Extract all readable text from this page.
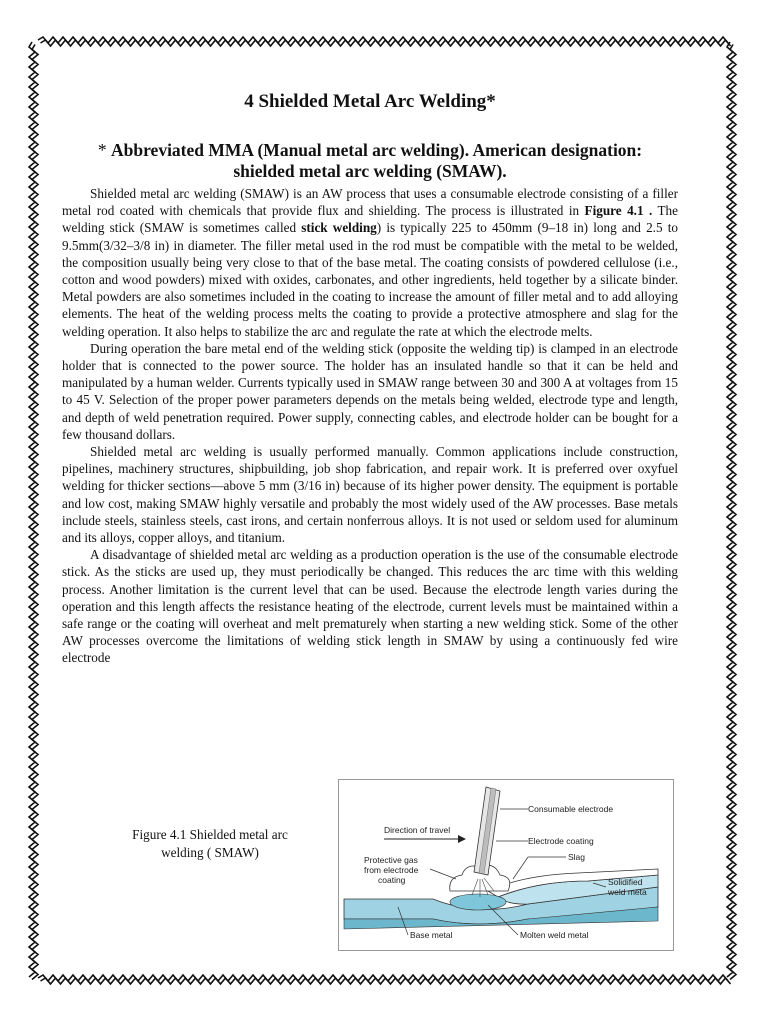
4 Shielded Metal Arc Welding*

* Abbreviated MMA (Manual metal arc welding). American designation:
shielded metal arc welding (SMAW).

Shielded metal arc welding (SMAW) is an AW process that uses a consumable electrode consisting of a filler metal rod coated with chemicals that provide flux and shielding. The process is illustrated in Figure 4.1 . The welding stick (SMAW is sometimes called stick welding) is typically 225 to 450mm (9–18 in) long and 2.5 to 9.5mm(3/32–3/8 in) in diameter. The filler metal used in the rod must be compatible with the metal to be welded, the composition usually being very close to that of the base metal. The coating consists of powdered cellulose (i.e., cotton and wood powders) mixed with oxides, carbonates, and other ingredients, held together by a silicate binder. Metal powders are also sometimes included in the coating to increase the amount of filler metal and to add alloying elements. The heat of the welding process melts the coating to provide a protective atmosphere and slag for the welding operation. It also helps to stabilize the arc and regulate the rate at which the electrode melts.

During operation the bare metal end of the welding stick (opposite the welding tip) is clamped in an electrode holder that is connected to the power source. The holder has an insulated handle so that it can be held and manipulated by a human welder. Currents typically used in SMAW range between 30 and 300 A at voltages from 15 to 45 V. Selection of the proper power parameters depends on the metals being welded, electrode type and length, and depth of weld penetration required. Power supply, connecting cables, and electrode holder can be bought for a few thousand dollars.

Shielded metal arc welding is usually performed manually. Common applications include construction, pipelines, machinery structures, shipbuilding, job shop fabrication, and repair work. It is preferred over oxyfuel welding for thicker sections—above 5 mm (3/16 in) because of its higher power density. The equipment is portable and low cost, making SMAW highly versatile and probably the most widely used of the AW processes. Base metals include steels, stainless steels, cast irons, and certain nonferrous alloys. It is not used or seldom used for aluminum and its alloys, copper alloys, and titanium.

A disadvantage of shielded metal arc welding as a production operation is the use of the consumable electrode stick. As the sticks are used up, they must periodically be changed. This reduces the arc time with this welding process. Another limitation is the current level that can be used. Because the electrode length varies during the operation and this length affects the resistance heating of the electrode, current levels must be maintained within a safe range or the coating will overheat and melt prematurely when starting a new welding stick. Some of the other AW processes overcome the limitations of welding stick length in SMAW by using a continuously fed wire electrode

Figure 4.1 Shielded metal arc
welding ( SMAW)
Consumable electrode
Direction of travel
Electrode coating
Protective gas
from electrode
coating
Slag
Solidified
weld meta
Base metal	Molten weld metal
